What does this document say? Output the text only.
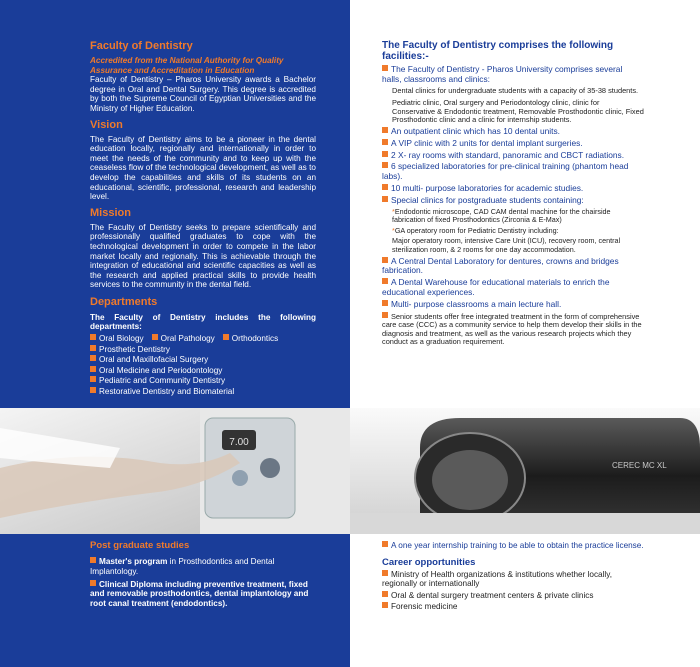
Faculty of Dentistry
Accredited from the National Authority for Quality Assurance and Accreditation in Education
Faculty of Dentistry – Pharos University awards a Bachelor degree in Oral and Dental Surgery. This degree is accredited by both the Supreme Council of Egyptian Universities and the Ministry of Higher Education.
Vision
The Faculty of Dentistry aims to be a pioneer in the dental education locally, regionally and internationally in order to meet the needs of the community and to keep up with the ceaseless flow of the technological development, as well as to develop the capabilities and skills of its students on an educational, scientific, professional, research and leadership level.
Mission
The Faculty of Dentistry seeks to prepare scientifically and professionally qualified graduates to cope with the technological development in order to compete in the labor market locally and regionally. This is achievable through the integration of educational and scientific capacities as well as the research and applied practical skills to provide health services to the community in the dental field.
Departments
The Faculty of Dentistry includes the following departments:
Oral Biology	Oral Pathology	Orthodontics
Prosthetic Dentistry
Oral and Maxillofacial Surgery
Oral Medicine and Periodontology
Pediatric and Community Dentistry
Restorative Dentistry and Biomaterial
The Faculty of Dentistry comprises the following facilities:-
The Faculty of Dentistry - Pharos University comprises several halls, classrooms and clinics:
Dental clinics for undergraduate students with a capacity of 35-38 students.
Pediatric clinic, Oral surgery and Periodontology clinic, clinic for Conservative & Endodontic treatment, Removable Prosthodontic clinic, Fixed Prosthodontic clinic and a clinic for internship students.
An outpatient clinic which has 10 dental units.
A VIP clinic with 2 units for dental implant surgeries.
2 X- ray rooms with standard, panoramic and CBCT radiations.
6 specialized laboratories for pre-clinical training (phantom head labs).
10 multi- purpose laboratories for academic studies.
Special clinics for postgraduate students containing:
*Endodontic microscope, CAD CAM dental machine for the chairside fabrication of fixed Prosthodontics (Zirconia & E-Max)
*GA operatory room for Pediatric Dentistry including:
Major operatory room, intensive Care Unit (ICU), recovery room, central sterilization room, & 2 rooms for one day accommodation.
A Central Dental Laboratory for dentures, crowns and bridges fabrication.
A Dental Warehouse for educational materials to enrich the educational experiences.
Multi- purpose classrooms a main lecture hall.
Senior students offer free integrated treatment in the form of comprehensive care case (CCC) as a community service to help them develop their skills in the diagnosis and treatment, as well as the various research projects which they conduct as a graduation requirement.
7.00
CEREC MC XL
Post graduate studies
Master's program in Prosthodontics and Dental Implantology.
Clinical Diploma including preventive treatment, fixed and removable prosthodontics, dental implantology and root canal treatment (endodontics).
A one year internship training to be able to obtain the practice license.
Career opportunities
Ministry of Health organizations & institutions whether locally, regionally or internationally
Oral & dental surgery treatment centers & private clinics
Forensic medicine
